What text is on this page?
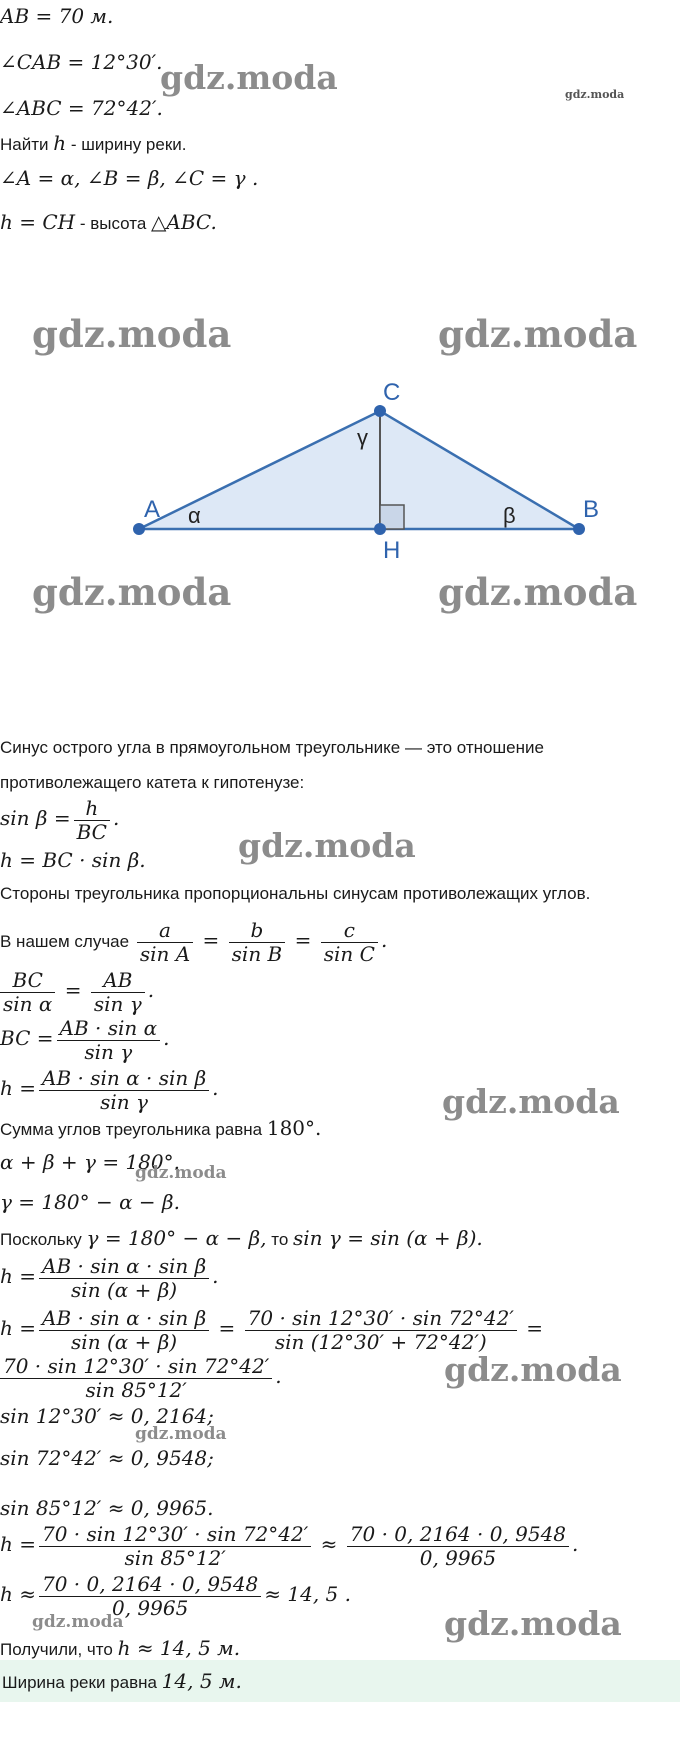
AB = 70 м.
∠CAB = 12°30′.
∠ABC = 72°42′.
Найти h - ширину реки.
∠A = α, ∠B = β, ∠C = γ .
h = CH - высота △ABC.
A
C
H
B
α	β
γ
Синус острого угла в прямоугольном треугольнике — это отношение
противолежащего катета к гипотенузе:
$\sin \beta = \frac{h}{BC}$ .
h = BC · sin β.
Стороны треугольника пропорциональны синусам противолежащих углов.
В нашем случае $\frac{a}{\text{sin A}} = \frac{b}{\text{sin B}} = \frac{c}{\text{sin C}}$ .
$\frac{BC}{\text{sin α}} = \frac{AB}{\text{sin γ}}$ .
BC = $\frac{\text{AB · sin α}}{\text{sin γ}}$ .
$h = \frac{\text{AB · sin α · sin β}}{\text{sin γ}}$ .
Сумма углов треугольника равна 180°.
α + β + γ = 180°.
γ = 180° − α − β.
Поскольку γ = 180° − α − β, то sin γ = sin (α + β).
$h = \frac{\text{AB · sin α · sin β}}{\sin (\alpha + \beta)}$ .
$h = \frac{\text{AB · sin α · sin β}}{\sin (\alpha + \beta)} = \frac{70 \cdot \sin 12^\circ 30' \cdot \sin 72^\circ 42'}{\sin (12^\circ 30' + 72^\circ 42')}$ =
$\frac{70 \cdot \sin 12^\circ 30' \cdot \sin 72^\circ 42'}{\sin 85^\circ 12'}$ .
sin 12°30′ ≈ 0, 2164;
sin 72°42′ ≈ 0, 9548;
sin 85°12′ ≈ 0, 9965.
$h = \frac{70 \cdot \sin 12^\circ 30' \cdot \sin 72^\circ 42'}{\sin 85^\circ 12'} \approx \frac{70 \cdot 0, 2164 \cdot 0, 9548}{0, 9965}$ .
$h \approx \frac{70 \cdot 0, 2164 \cdot 0, 9548}{0, 9965} \approx 14$, 5 .
Получили, что h ≈ 14, 5 м.
Ширина реки равна 14, 5 м.
gdz.moda	gdz.moda
gdz.moda	gdz.moda
gdz.moda	gdz.moda
gdz.moda
gdz.moda
gdz.moda
gdz.moda
gdz.moda
gdz.moda	gdz.moda
